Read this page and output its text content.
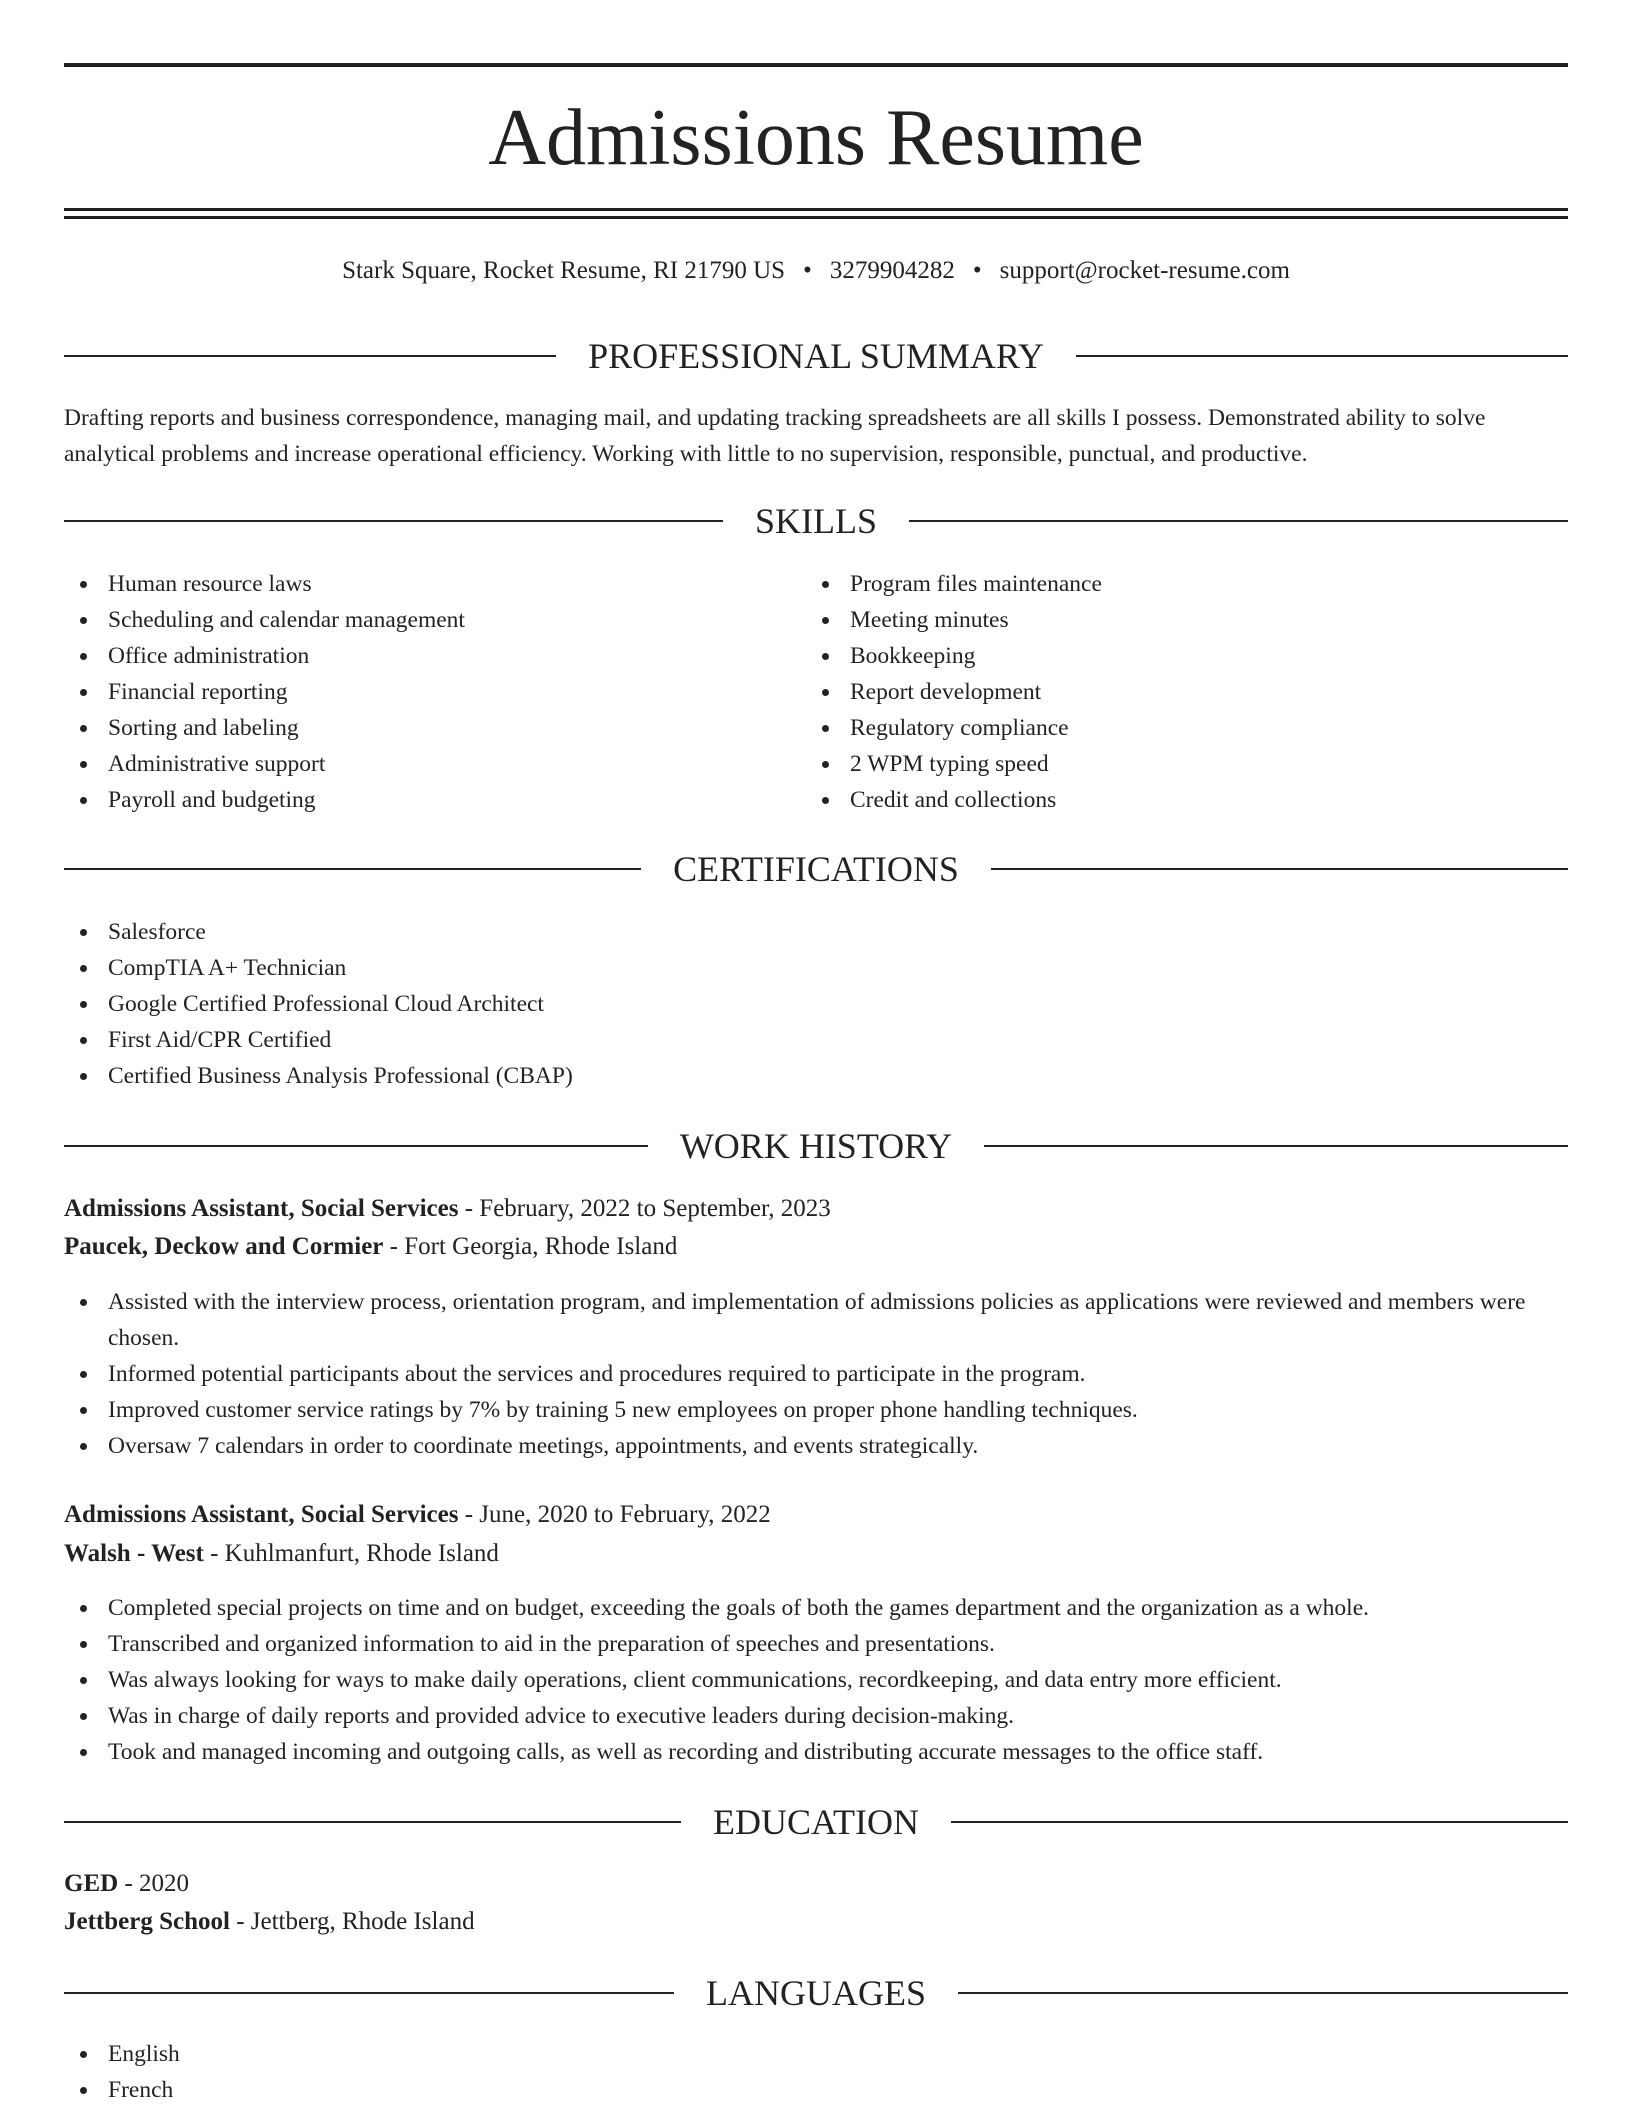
Admissions Resume
Stark Square, Rocket Resume, RI 21790 US • 3279904282 • support@rocket-resume.com
PROFESSIONAL SUMMARY

Drafting reports and business correspondence, managing mail, and updating tracking spreadsheets are all skills I possess. Demonstrated ability to solve analytical problems and increase operational efficiency. Working with little to no supervision, responsible, punctual, and productive.

SKILLS
Human resource laws
Scheduling and calendar management
Office administration
Financial reporting
Sorting and labeling
Administrative support
Payroll and budgeting
Program files maintenance
Meeting minutes
Bookkeeping
Report development
Regulatory compliance
2 WPM typing speed
Credit and collections
CERTIFICATIONS
Salesforce
CompTIA A+ Technician
Google Certified Professional Cloud Architect
First Aid/CPR Certified
Certified Business Analysis Professional (CBAP)
WORK HISTORY
Admissions Assistant, Social Services - February, 2022 to September, 2023
Paucek, Deckow and Cormier - Fort Georgia, Rhode Island
Assisted with the interview process, orientation program, and implementation of admissions policies as applications were reviewed and members were chosen.
Informed potential participants about the services and procedures required to participate in the program.
Improved customer service ratings by 7% by training 5 new employees on proper phone handling techniques.
Oversaw 7 calendars in order to coordinate meetings, appointments, and events strategically.
Admissions Assistant, Social Services - June, 2020 to February, 2022
Walsh - West - Kuhlmanfurt, Rhode Island
Completed special projects on time and on budget, exceeding the goals of both the games department and the organization as a whole.
Transcribed and organized information to aid in the preparation of speeches and presentations.
Was always looking for ways to make daily operations, client communications, recordkeeping, and data entry more efficient.
Was in charge of daily reports and provided advice to executive leaders during decision-making.
Took and managed incoming and outgoing calls, as well as recording and distributing accurate messages to the office staff.
EDUCATION
GED - 2020
Jettberg School - Jettberg, Rhode Island
LANGUAGES
English
French
